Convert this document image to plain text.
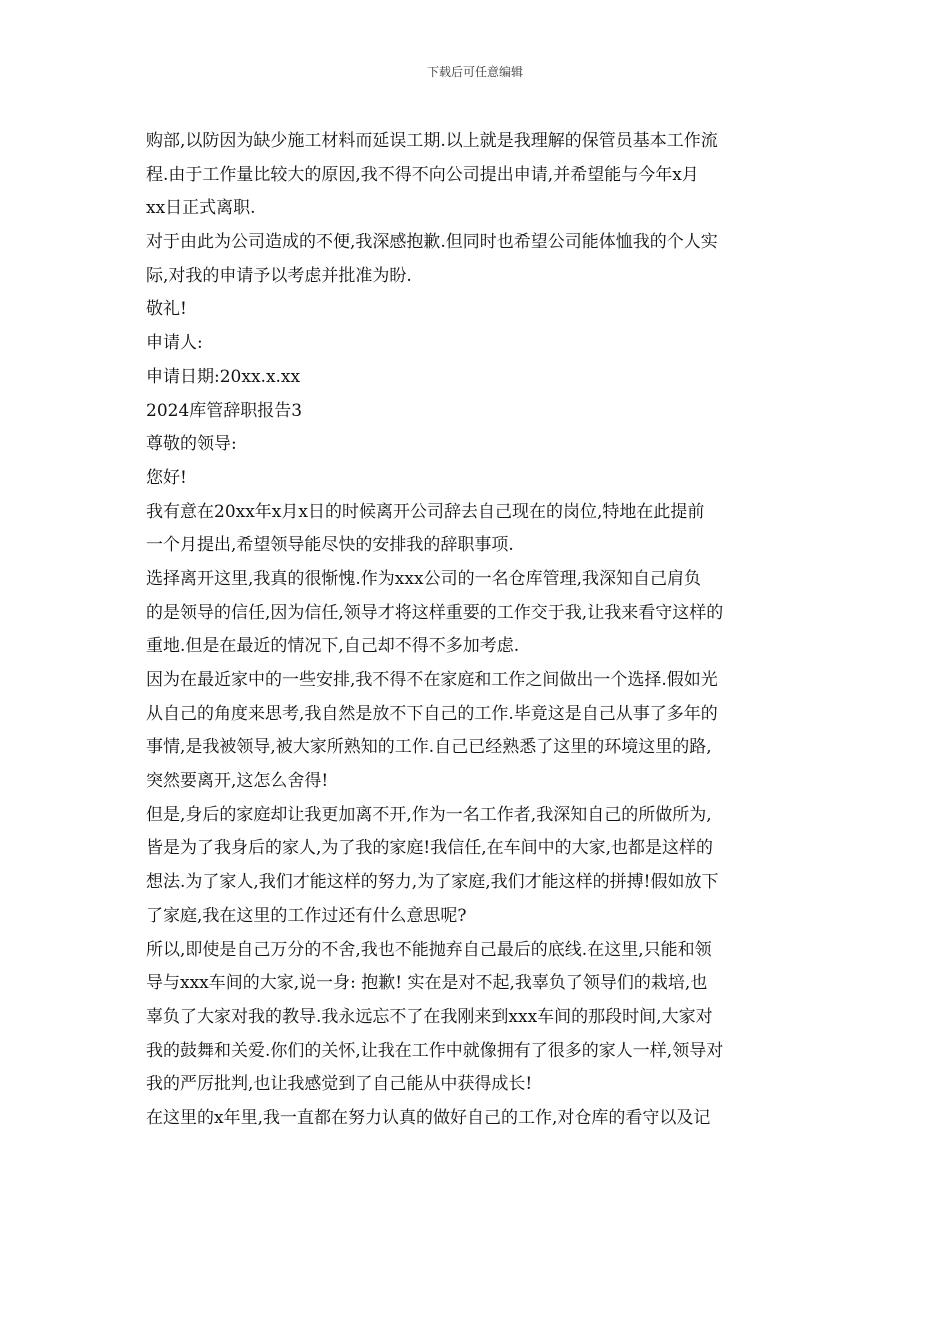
下载后可任意编辑
购部,以防因为缺少施工材料而延误工期.以上就是我理解的保管员基本工作流
程.由于工作量比较大的原因,我不得不向公司提出申请,并希望能与今年x月
xx日正式离职.
对于由此为公司造成的不便,我深感抱歉.但同时也希望公司能体恤我的个人实
际,对我的申请予以考虑并批准为盼.
敬礼!
申请人:
申请日期:20xx.x.xx
2024库管辞职报告3
尊敬的领导:
您好!
我有意在20xx年x月x日的时候离开公司辞去自己现在的岗位,特地在此提前
一个月提出,希望领导能尽快的安排我的辞职事项.
选择离开这里,我真的很惭愧.作为xxx公司的一名仓库管理,我深知自己肩负
的是领导的信任,因为信任,领导才将这样重要的工作交于我,让我来看守这样的
重地.但是在最近的情况下,自己却不得不多加考虑.
因为在最近家中的一些安排,我不得不在家庭和工作之间做出一个选择.假如光
从自己的角度来思考,我自然是放不下自己的工作.毕竟这是自己从事了多年的
事情,是我被领导,被大家所熟知的工作.自己已经熟悉了这里的环境这里的路,
突然要离开,这怎么舍得!
但是,身后的家庭却让我更加离不开,作为一名工作者,我深知自己的所做所为,
皆是为了我身后的家人,为了我的家庭!我信任,在车间中的大家,也都是这样的
想法.为了家人,我们才能这样的努力,为了家庭,我们才能这样的拼搏!假如放下
了家庭,我在这里的工作过还有什么意思呢?
所以,即使是自己万分的不舍,我也不能抛弃自己最后的底线.在这里,只能和领
导与xxx车间的大家,说一身: 抱歉! 实在是对不起,我辜负了领导们的栽培,也
辜负了大家对我的教导.我永远忘不了在我刚来到xxx车间的那段时间,大家对
我的鼓舞和关爱.你们的关怀,让我在工作中就像拥有了很多的家人一样,领导对
我的严厉批判,也让我感觉到了自己能从中获得成长!
在这里的x年里,我一直都在努力认真的做好自己的工作,对仓库的看守以及记
